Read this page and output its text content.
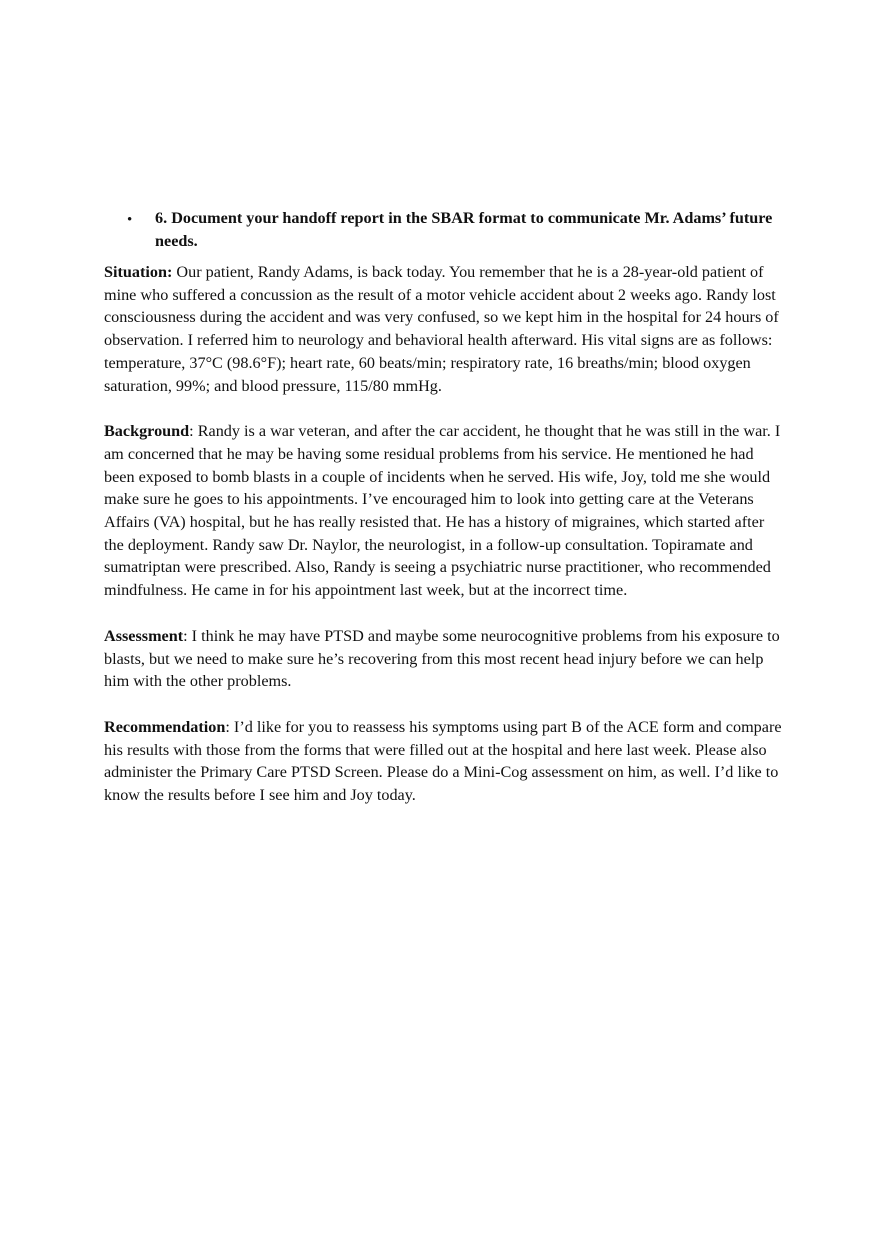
• 6. Document your handoff report in the SBAR format to communicate Mr. Adams’ future needs.

Situation: Our patient, Randy Adams, is back today. You remember that he is a 28-year-old patient of mine who suffered a concussion as the result of a motor vehicle accident about 2 weeks ago. Randy lost consciousness during the accident and was very confused, so we kept him in the hospital for 24 hours of observation. I referred him to neurology and behavioral health afterward. His vital signs are as follows: temperature, 37°C (98.6°F); heart rate, 60 beats/min; respiratory rate, 16 breaths/min; blood oxygen saturation, 99%; and blood pressure, 115/80 mmHg.

Background: Randy is a war veteran, and after the car accident, he thought that he was still in the war. I am concerned that he may be having some residual problems from his service. He mentioned he had been exposed to bomb blasts in a couple of incidents when he served. His wife, Joy, told me she would make sure he goes to his appointments. I’ve encouraged him to look into getting care at the Veterans Affairs (VA) hospital, but he has really resisted that. He has a history of migraines, which started after the deployment. Randy saw Dr. Naylor, the neurologist, in a follow-up consultation. Topiramate and sumatriptan were prescribed. Also, Randy is seeing a psychiatric nurse practitioner, who recommended mindfulness. He came in for his appointment last week, but at the incorrect time.

Assessment: I think he may have PTSD and maybe some neurocognitive problems from his exposure to blasts, but we need to make sure he’s recovering from this most recent head injury before we can help him with the other problems.

Recommendation: I’d like for you to reassess his symptoms using part B of the ACE form and compare his results with those from the forms that were filled out at the hospital and here last week. Please also administer the Primary Care PTSD Screen. Please do a Mini-Cog assessment on him, as well. I’d like to know the results before I see him and Joy today.
